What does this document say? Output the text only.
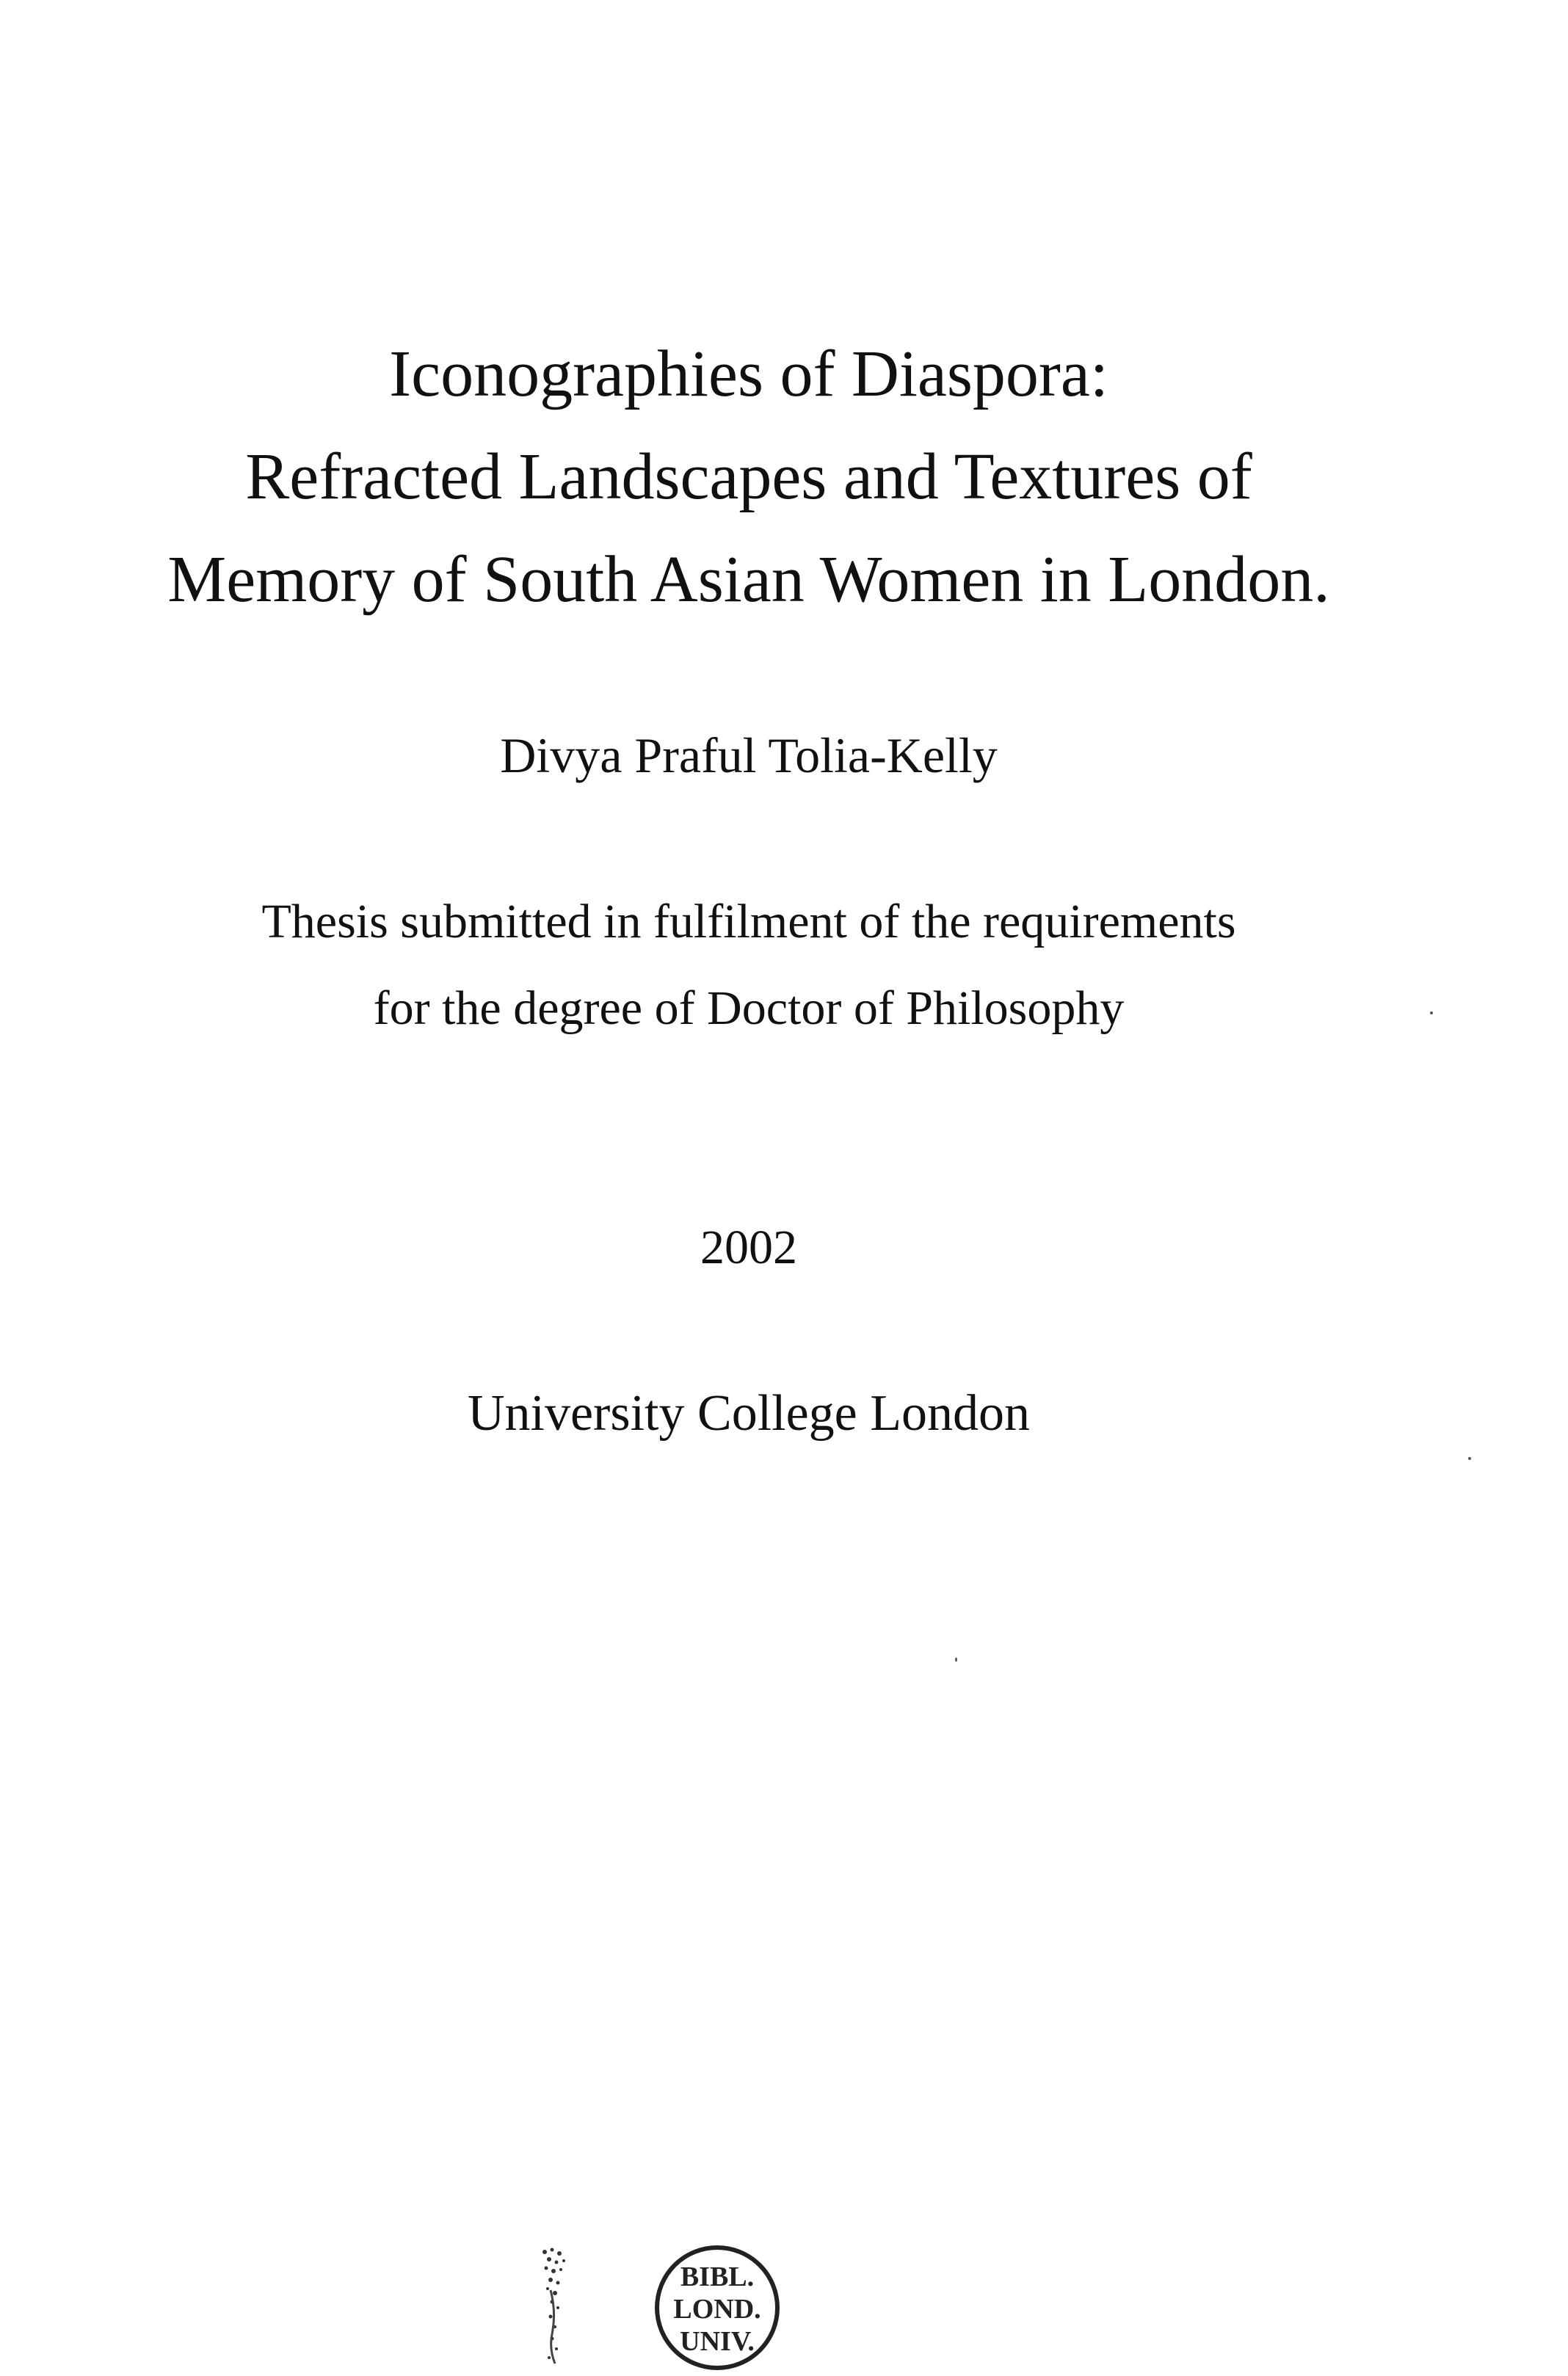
Iconographies of Diaspora:
Refracted Landscapes and Textures of
Memory of South Asian Women in London.
Divya Praful Tolia-Kelly
Thesis submitted in fulfilment of the requirements
for the degree of Doctor of Philosophy
2002
University College London
BIBL.
LOND.
UNIV.
